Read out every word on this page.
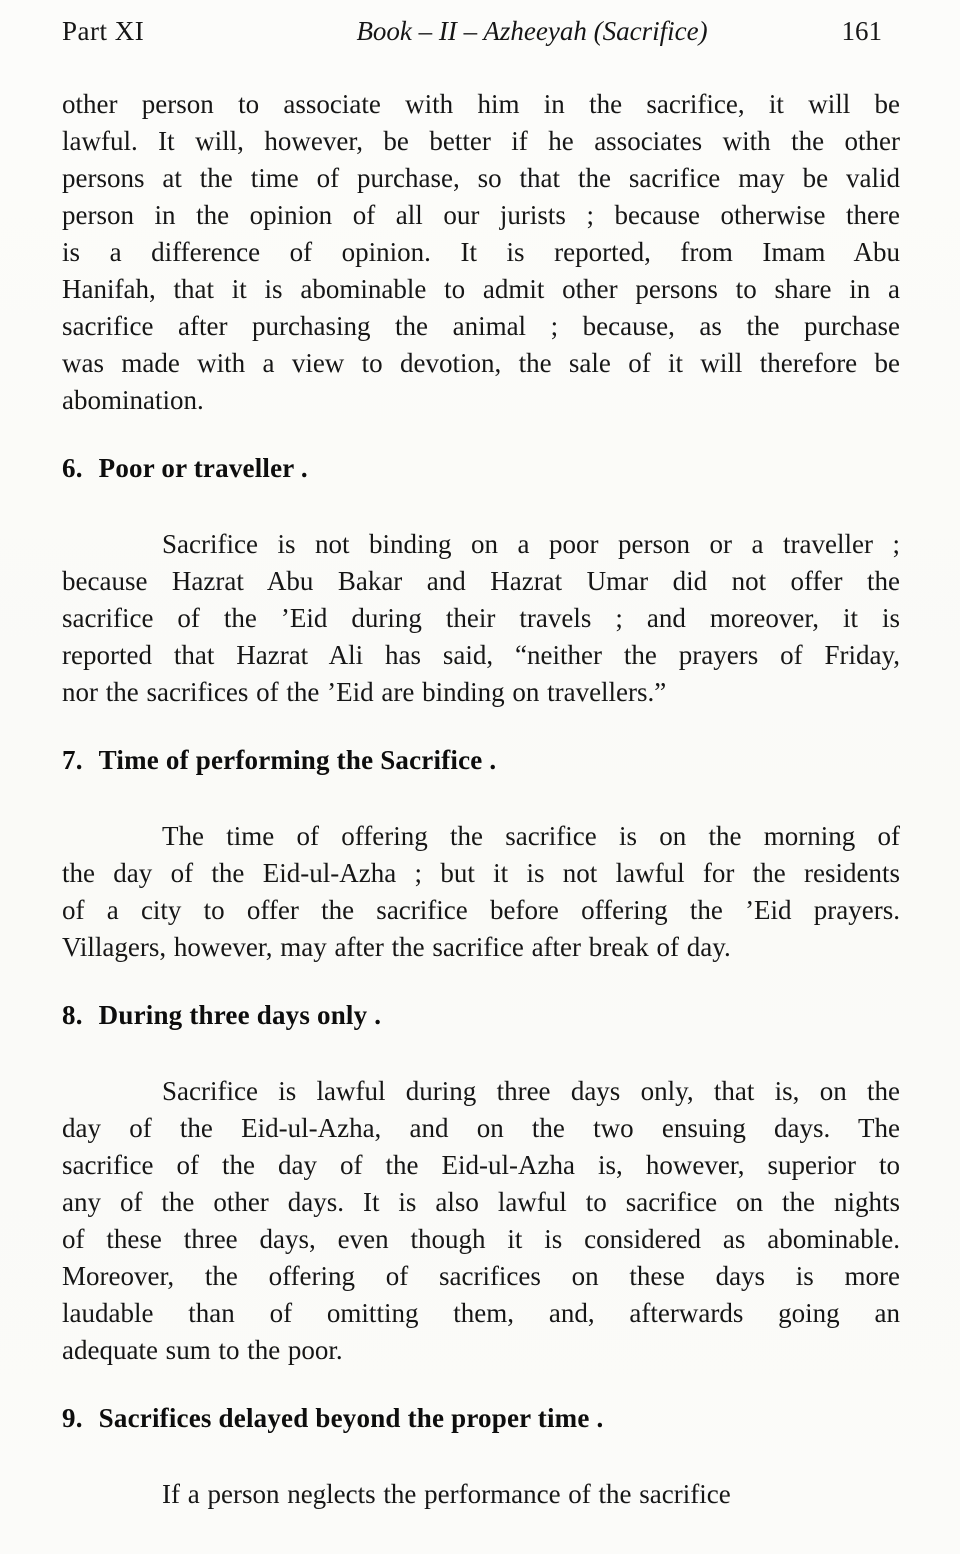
Part XI	Book – II – Azheeyah (Sacrifice)	161
other person to associate with him in the sacrifice, it will be
lawful. It will, however, be better if he associates with the other
persons at the time of purchase, so that the sacrifice may be valid
person in the opinion of all our jurists ; because otherwise there
is a difference of opinion. It is reported, from Imam Abu
Hanifah, that it is abominable to admit other persons to share in a
sacrifice after purchasing the animal ; because, as the purchase
was made with a view to devotion, the sale of it will therefore be
abomination.
6. Poor or traveller .
Sacrifice is not binding on a poor person or a traveller ;
because Hazrat Abu Bakar and Hazrat Umar did not offer the
sacrifice of the ’Eid during their travels ; and moreover, it is
reported that Hazrat Ali has said, “neither the prayers of Friday,
nor the sacrifices of the ’Eid are binding on travellers.”
7. Time of performing the Sacrifice .
The time of offering the sacrifice is on the morning of
the day of the Eid-ul-Azha ; but it is not lawful for the residents
of a city to offer the sacrifice before offering the ’Eid prayers.
Villagers, however, may after the sacrifice after break of day.
8. During three days only .
Sacrifice is lawful during three days only, that is, on the
day of the Eid-ul-Azha, and on the two ensuing days. The
sacrifice of the day of the Eid-ul-Azha is, however, superior to
any of the other days. It is also lawful to sacrifice on the nights
of these three days, even though it is considered as abominable.
Moreover, the offering of sacrifices on these days is more
laudable than of omitting them, and, afterwards going an
adequate sum to the poor.
9. Sacrifices delayed beyond the proper time .
If a person neglects the performance of the sacrifice
